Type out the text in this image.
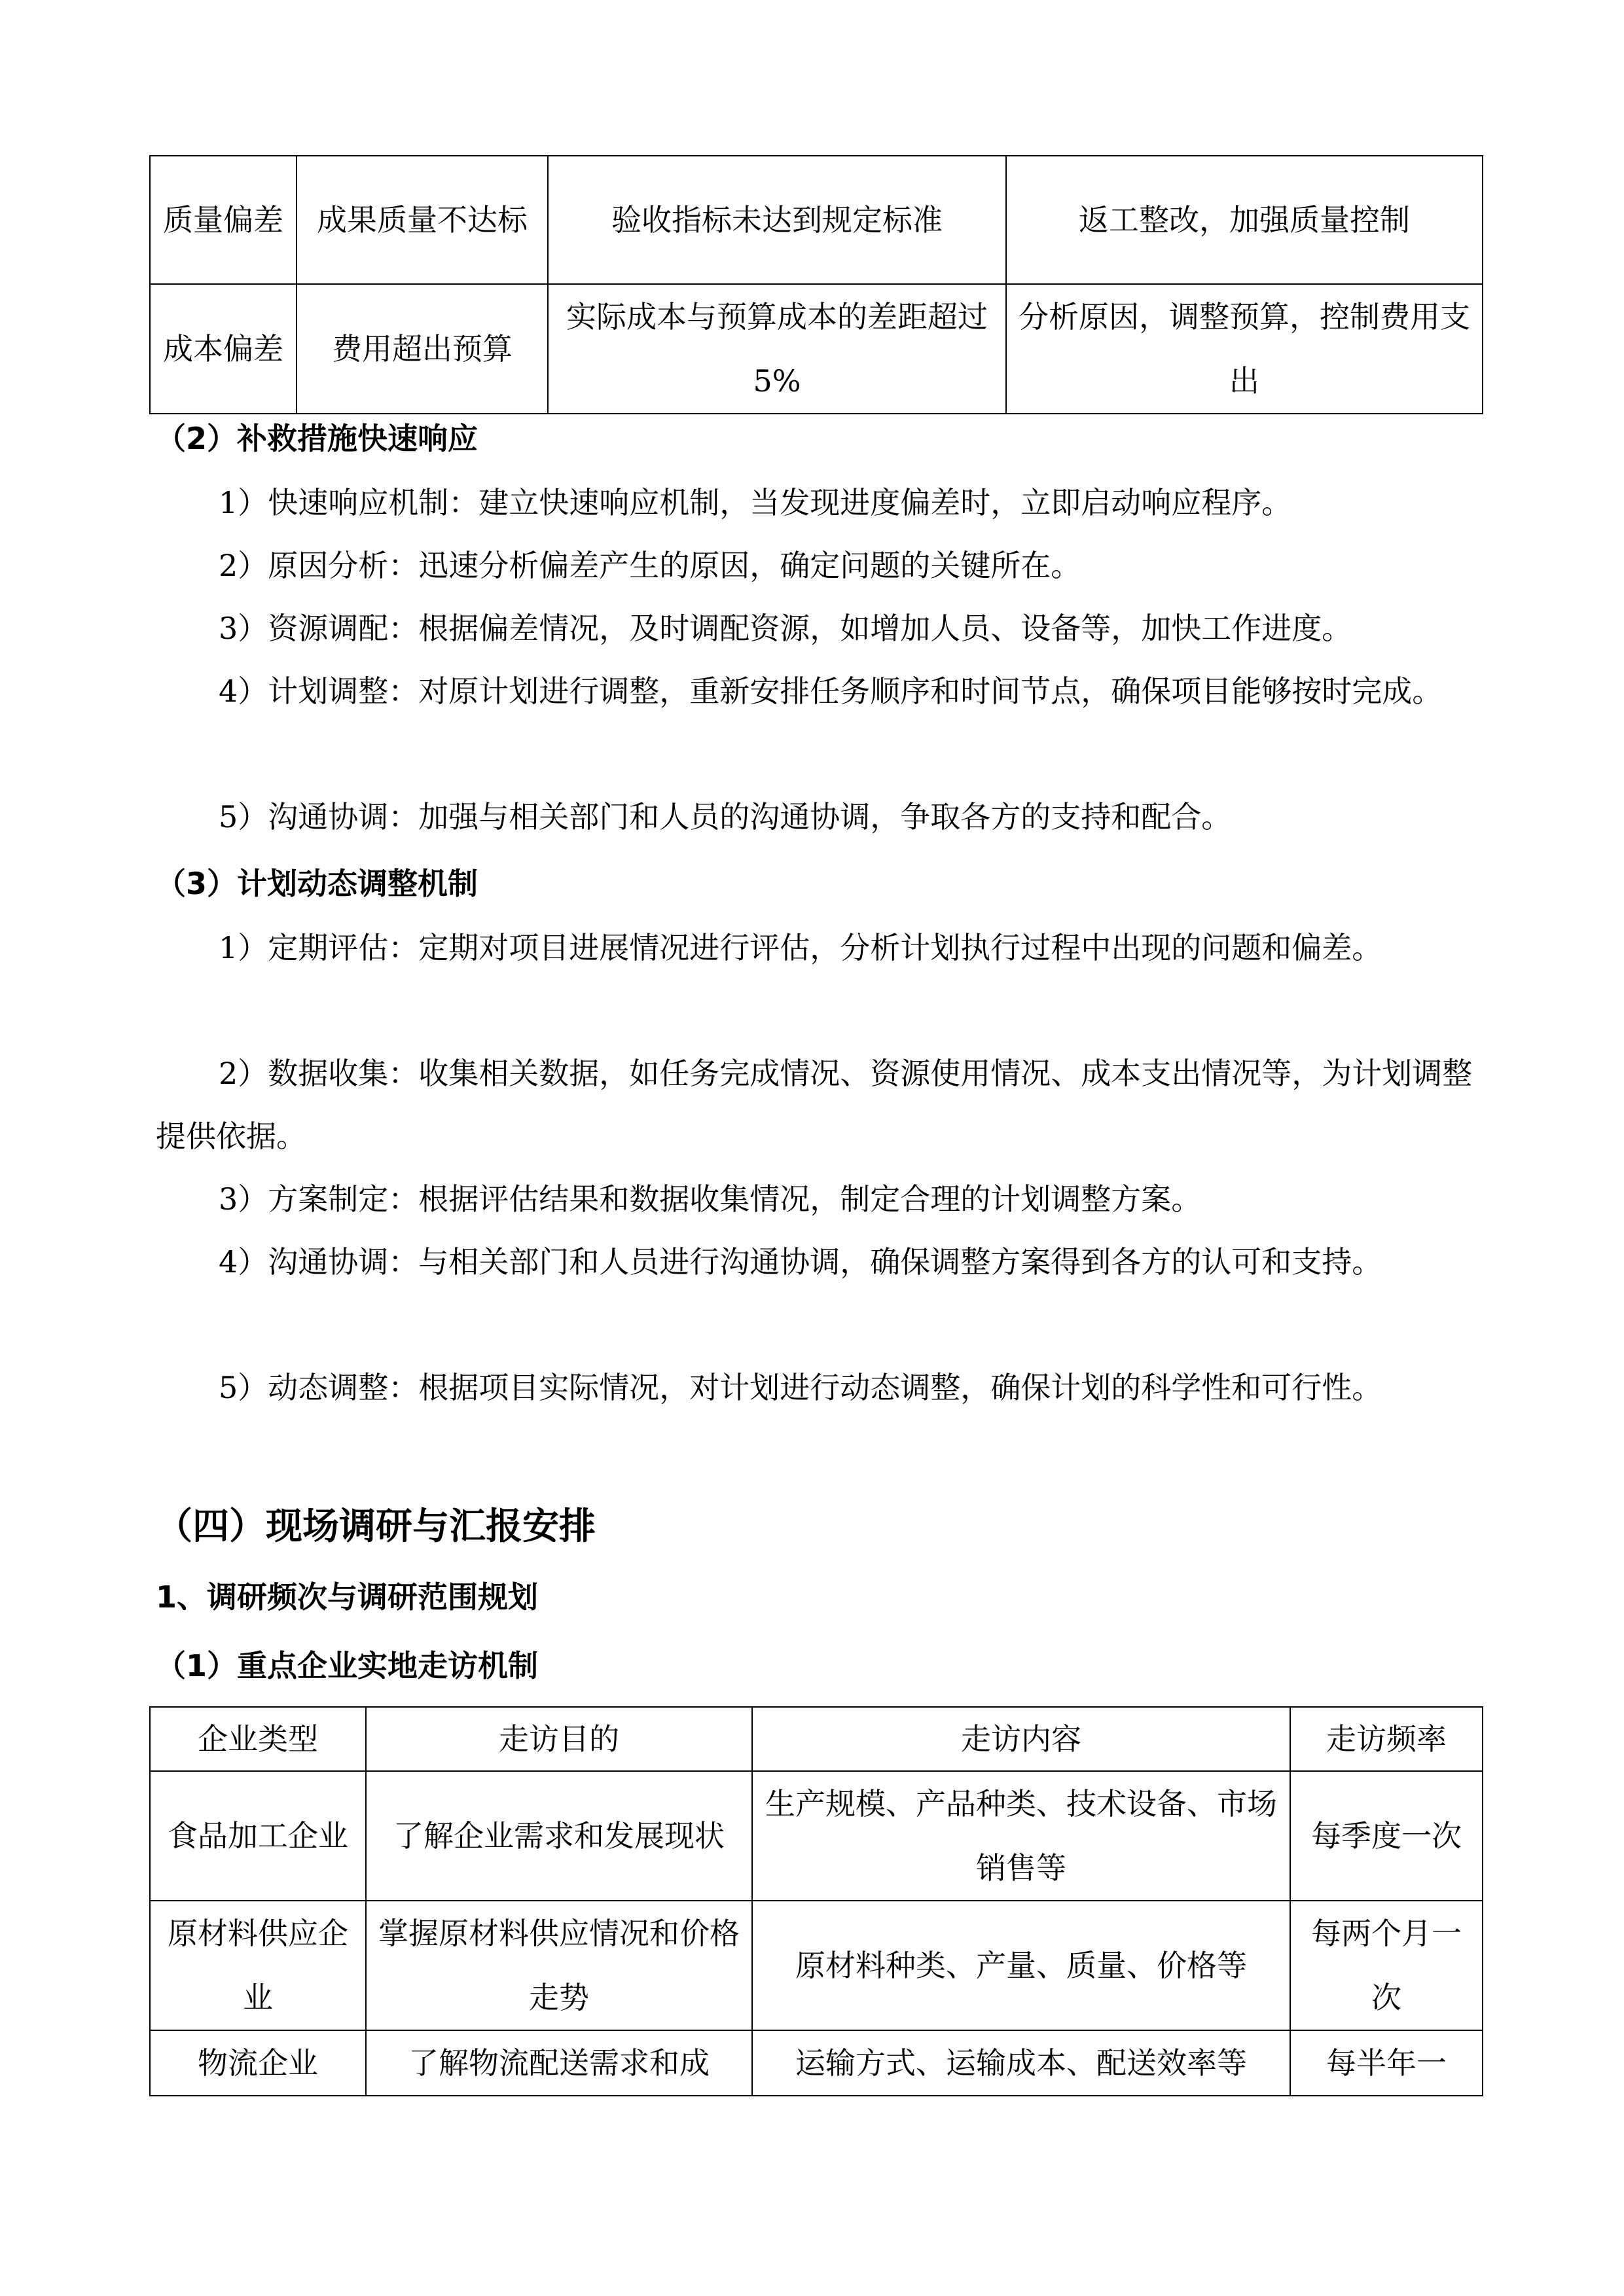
质量偏差	成果质量不达标	验收指标未达到规定标准	返工整改，加强质量控制
成本偏差	费用超出预算	实际成本与预算成本的差距超过 5%	分析原因，调整预算，控制费用支出
（2）补救措施快速响应

1）快速响应机制：建立快速响应机制，当发现进度偏差时，立即启动响应程序。

2）原因分析：迅速分析偏差产生的原因，确定问题的关键所在。

3）资源调配：根据偏差情况，及时调配资源，如增加人员、设备等，加快工作进度。

4）计划调整：对原计划进行调整，重新安排任务顺序和时间节点，确保项目能够按时完成。

5）沟通协调：加强与相关部门和人员的沟通协调，争取各方的支持和配合。

（3）计划动态调整机制

1）定期评估：定期对项目进展情况进行评估，分析计划执行过程中出现的问题和偏差。

2）数据收集：收集相关数据，如任务完成情况、资源使用情况、成本支出情况等，为计划调整提供依据。

3）方案制定：根据评估结果和数据收集情况，制定合理的计划调整方案。

4）沟通协调：与相关部门和人员进行沟通协调，确保调整方案得到各方的认可和支持。

5）动态调整：根据项目实际情况，对计划进行动态调整，确保计划的科学性和可行性。

（四）现场调研与汇报安排
1、调研频次与调研范围规划
（1）重点企业实地走访机制
企业类型	走访目的	走访内容	走访频率
食品加工企业	了解企业需求和发展现状	生产规模、产品种类、技术设备、市场销售等	每季度一次
原材料供应企业	掌握原材料供应情况和价格走势	原材料种类、产量、质量、价格等	每两个月一次
物流企业	了解物流配送需求和成	运输方式、运输成本、配送效率等	每半年一
